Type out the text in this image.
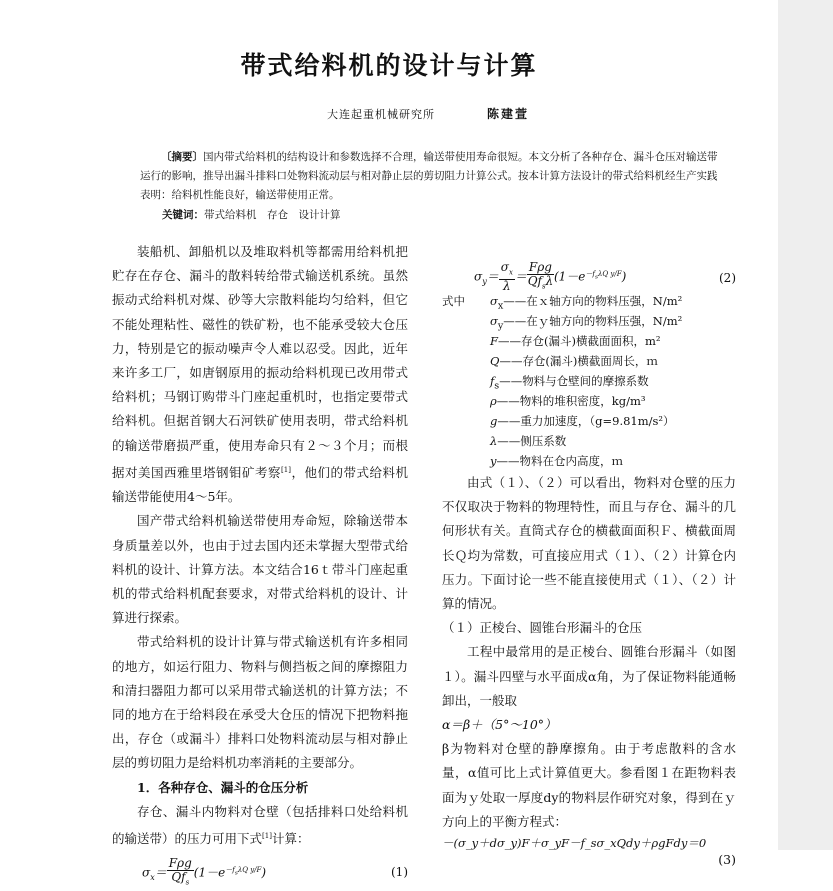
带式给料机的设计与计算
大连起重机械研究所	陈建萱

〔摘要〕国内带式给料机的结构设计和参数选择不合理，输送带使用寿命很短。本文分析了各种存仓、漏斗仓压对输送带运行的影响，推导出漏斗排料口处物料流动层与相对静止层的剪切阻力计算公式。按本计算方法设计的带式给料机经生产实践表明：给料机性能良好，输送带使用正常。

关键词：带式给料机　存仓　设计计算

装船机、卸船机以及堆取料机等都需用给料机把贮存在存仓、漏斗的散料转给带式输送机系统。虽然振动式给料机对煤、砂等大宗散料能均匀给料，但它不能处理粘性、磁性的铁矿粉，也不能承受较大仓压力，特别是它的振动噪声令人难以忍受。因此，近年来许多工厂，如唐钢原用的振动给料机现已改用带式给料机；马钢订购带斗门座起重机时，也指定要带式给料机。但据首钢大石河铁矿使用表明，带式给料机的输送带磨损严重，使用寿命只有２～３个月；而根据对美国西雅里塔钢钼矿考察[1]，他们的带式给料机输送带能使用4～5年。

国产带式给料机输送带使用寿命短，除输送带本身质量差以外，也由于过去国内还未掌握大型带式给料机的设计、计算方法。本文结合16ｔ带斗门座起重机的带式给料机配套要求，对带式给料机的设计、计算进行探索。

带式给料机的设计计算与带式输送机有许多相同的地方，如运行阻力、物料与侧挡板之间的摩擦阻力和清扫器阻力都可以采用带式输送机的计算方法；不同的地方在于给料段在承受大仓压的情况下把物料拖出，存仓（或漏斗）排料口处物料流动层与相对静止层的剪切阻力是给料机功率消耗的主要部分。

1．各种存仓、漏斗的仓压分析

存仓、漏斗内物料对仓壁（包括排料口处给料机的输送带）的压力可用下式[1]计算：

$\sigma_x= \frac{\text{Fρg}}{Qf_s} (1-e^{-f_s\lambda Q y/F})$	(1)
$\sigma_y= \frac{\sigma_x}{\lambda} = \frac{\text{Fρg}}{Qf_s\lambda} (1-e^{-f_s\lambda Q y/F})$	(2)
式中 $\sigma_x——$在ｘ轴方向的物料压强，N/m²
$\sigma_y——$在ｙ轴方向的物料压强，N/m²
F——存仓(漏斗)横截面面积，m²
Q——存仓(漏斗)横截面周长，ｍ
$f_s——$物料与仓壁间的摩擦系数
ρ——物料的堆积密度，kg/m³
g——重力加速度，（g=9.81m/s²）
λ——侧压系数
y——物料在仓内高度，ｍ

由式（１）、（２）可以看出，物料对仓壁的压力不仅取决于物料的物理特性，而且与存仓、漏斗的几何形状有关。直筒式存仓的横截面面积Ｆ、横截面周长Ｑ均为常数，可直接应用式（１）、（２）计算仓内压力。下面讨论一些不能直接使用式（１）、（２）计算的情况。

（１）正棱台、圆锥台形漏斗的仓压

工程中最常用的是正棱台、圆锥台形漏斗（如图１）。漏斗四壁与水平面成α角，为了保证物料能通畅卸出，一般取

α＝β＋（5°～10°）

β为物料对仓壁的静摩擦角。由于考虑散料的含水量，α值可比上式计算值更大。参看图１在距物料表面为ｙ处取一厚度dy的物料层作研究对象，得到在ｙ方向上的平衡方程式：

－(σ_y＋dσ_y)F＋σ_yF－f_sσ_xQdy＋ρgFdy＝0

(3)
